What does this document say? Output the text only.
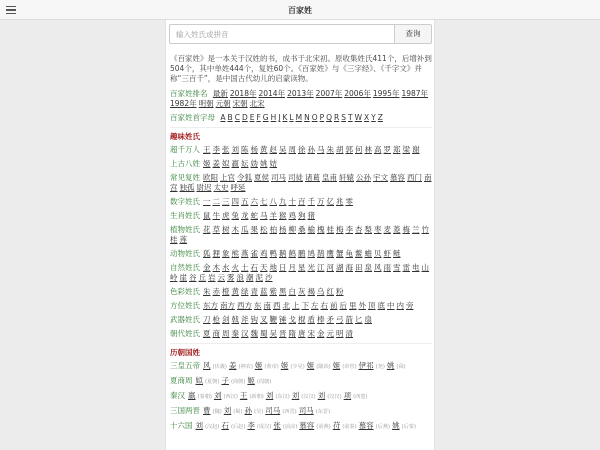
百家姓
输入姓氏或拼音
查询

《百家姓》是一本关于汉姓的书，成书于北宋初。原收集姓氏411个，后增补到504个，其中单姓444个，复姓60个。《百家姓》与《三字经》、《千字文》并称“三百千”，是中国古代幼儿的启蒙读物。

百家姓排名 最新 2018年 2014年 2013年 2007年 2006年 1995年 1987年1982年 明朝 元朝 宋朝 北宋
百家姓首字母 A B C D E F G H J K L M N O P Q R S T W X Y Z
趣味姓氏
超千万人 王 李 张 刘 陈 杨 黄 赵 吴 周 徐 孙 马 朱 胡 郭 何 林 高 罗 郑 梁 谢
上古八姓 姬 姜 姒 嬴 妘 妫 姚 姞
常见复姓 欧阳 上官 令狐 夏侯 司马 司徒 诸葛 皇甫 轩辕 公孙 宇文 慕容 西门 南宫 独孤 尉迟 太史 呼延
数字姓氏 一 二 三 四 五 六 七 八 九 十 百 千 万 亿 兆 零
生肖姓氏 鼠 牛 虎 兔 龙 蛇 马 羊 猴 鸡 狗 猪
植物姓氏 花 草 树 木 瓜 果 松 柏 杨 柳 桑 榆 槐 桂 梅 李 杏 梨 枣 麦 菱 梅 兰 竹桂 莲
动物姓氏 狐 狸 象 熊 燕 雀 鸡 鸭 鹅 鹤 鹏 鸠 鹊 鹰 蟹 龟 鳖 蟾 贝 虾 鲢
自然姓氏 金 木 水 火 土 石 天 地 日 月 星 光 江 河 湖 海 田 泉 风 雨 雪 雷 电 山岭 崖 谷 丘 岩 云 雾 浪 潮 泥 沙
色彩姓氏 朱 赤 橙 黄 绿 青 蓝 紫 黑 白 灰 褐 乌 红 粉
方位姓氏 东方 南方 西方 东 南 西 北 上 下 左 右 前 后 里 外 顶 底 中 内 旁
武器姓氏 刀 枪 剑 戟 斧 钩 叉 鞭 锤 戈 棍 盾 棒 矛 弓 箭 匕 扇
朝代姓氏 夏 商 周 秦 汉 魏 蜀 吴 晋 隋 唐 宋 金 元 明 清
历朝国姓
三皇五帝 风 (伏羲) 姜 (神农) 姬 (黄帝) 姬 (少昊) 姬 (颛顼) 姬 (帝喾) 伊祁 (尧) 姚 (舜)
夏商周 姒 (夏朝) 子 (商朝) 姬 (周朝)
秦汉 嬴 (秦朝) 刘 (西汉) 王 (新朝) 刘 (东汉) 刘 (汉汉) 刘 (汉汉) 项 (西楚)
三国两晋 曹 (魏) 刘 (蜀) 孙 (吴) 司马 (西晋) 司马 (东晋)
十六国 刘 (汉赵) 石 (后赵) 李 (成汉) 张 (前凉) 慕容 (前燕) 苻 (前秦) 慕容 (后燕) 姚 (后秦)
